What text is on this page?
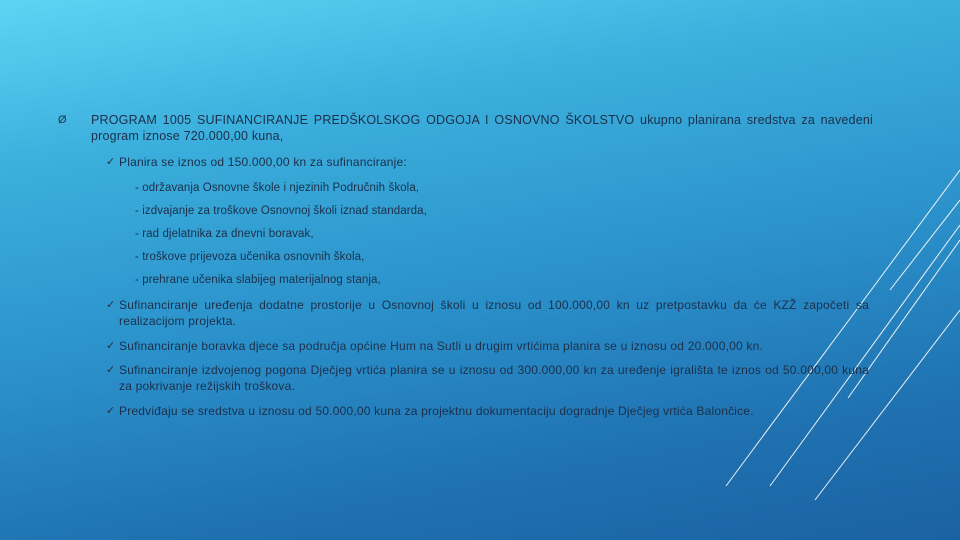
Ø PROGRAM 1005 SUFINANCIRANJE PREDŠKOLSKOG ODGOJA I OSNOVNO ŠKOLSTVO ukupno planirana sredstva za navedeni program iznose 720.000,00 kuna,
✓ Planira se iznos od 150.000,00 kn za sufinanciranje:
- održavanja Osnovne škole i njezinih Područnih škola,
- izdvajanje za troškove Osnovnoj školi iznad standarda,
- rad djelatnika za dnevni boravak,
- troškove prijevoza učenika osnovnih škola,
- prehrane učenika slabijeg materijalnog stanja,
✓ Sufinanciranje uređenja dodatne prostorije u Osnovnoj školi u iznosu od 100.000,00 kn uz pretpostavku da će KZŽ započeti sa realizacijom projekta.
✓ Sufinanciranje boravka djece sa područja općine Hum na Sutli u drugim vrtićima planira se u iznosu od 20.000,00 kn.
✓ Sufinanciranje izdvojenog pogona Dječjeg vrtića planira se u iznosu od 300.000,00 kn za uređenje igrališta te iznos od 50.000,00 kuna za pokrivanje režijskih troškova.
✓ Predviđaju se sredstva u iznosu od 50.000,00 kuna za projektnu dokumentaciju dogradnje Dječjeg vrtića Balončice.
